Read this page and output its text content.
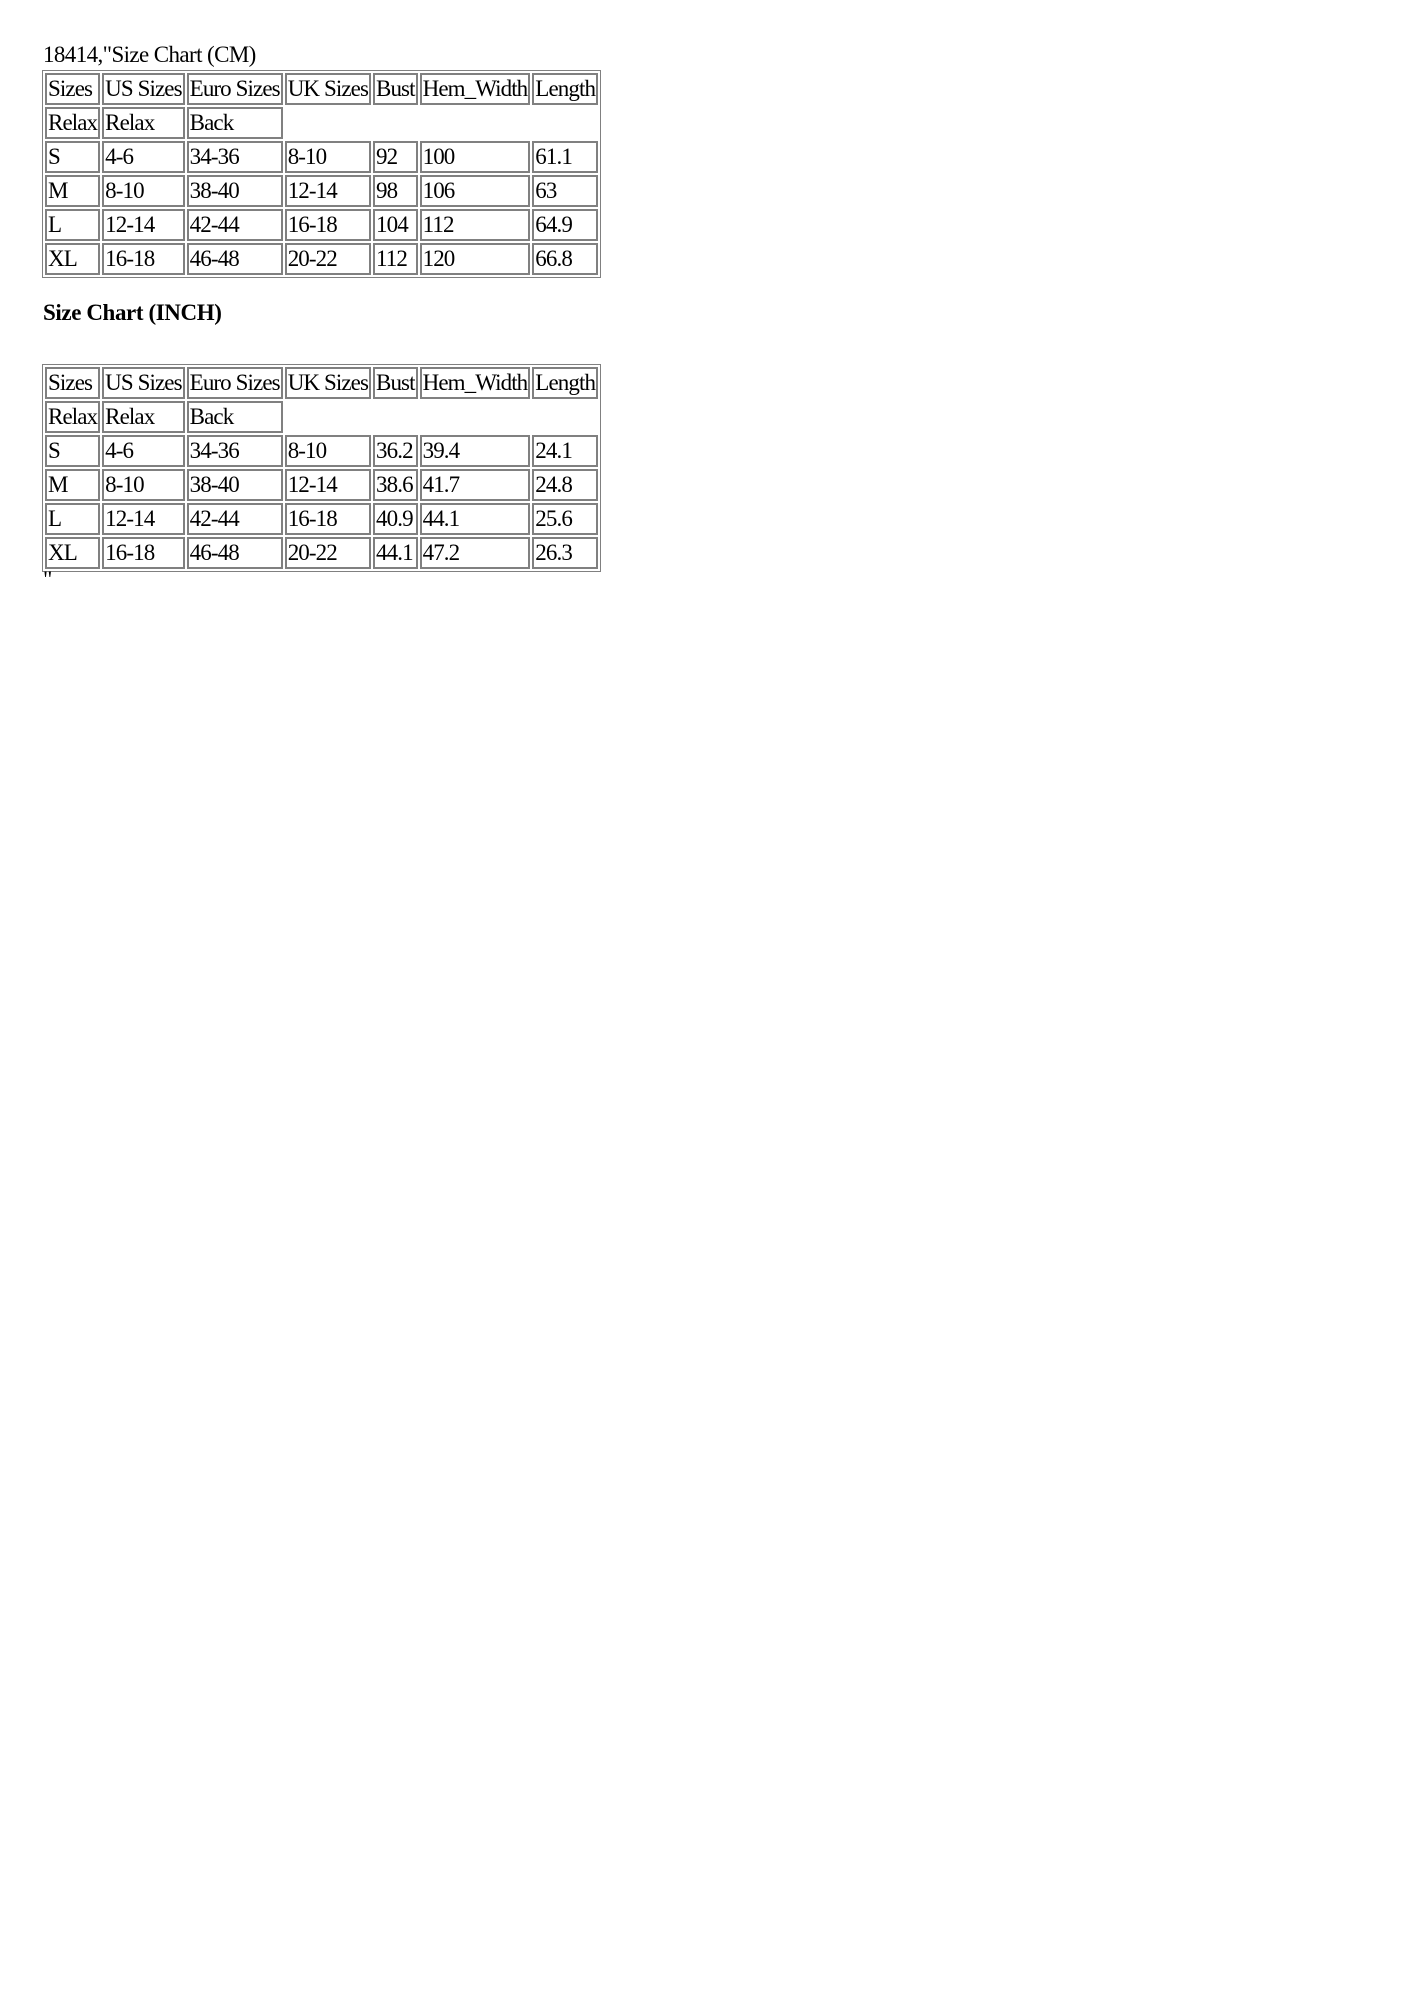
18414,"Size Chart (CM)
Sizes	US Sizes	Euro Sizes	UK Sizes	Bust	Hem_Width	Length
Relax	Relax	Back				
S	4-6	34-36	8-10	92	100	61.1
M	8-10	38-40	12-14	98	106	63
L	12-14	42-44	16-18	104	112	64.9
XL	16-18	46-48	20-22	112	120	66.8
Size Chart (INCH)
Sizes	US Sizes	Euro Sizes	UK Sizes	Bust	Hem_Width	Length
Relax	Relax	Back				
S	4-6	34-36	8-10	36.2	39.4	24.1
M	8-10	38-40	12-14	38.6	41.7	24.8
L	12-14	42-44	16-18	40.9	44.1	25.6
XL	16-18	46-48	20-22	44.1	47.2	26.3
"
